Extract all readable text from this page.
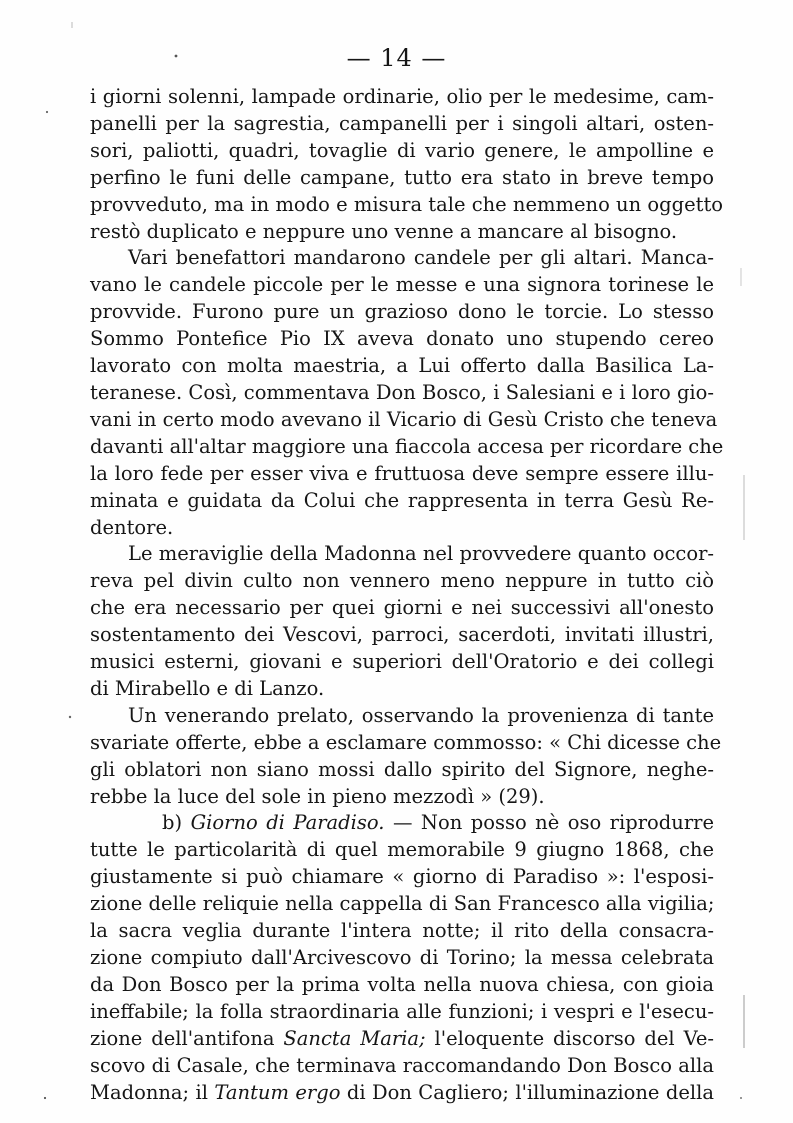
— 14 —
i giorni solenni, lampade ordinarie, olio per le medesime, cam-
panelli per la sagrestia, campanelli per i singoli altari, osten-
sori, paliotti, quadri, tovaglie di vario genere, le ampolline e
perfino le funi delle campane, tutto era stato in breve tempo
provveduto, ma in modo e misura tale che nemmeno un oggetto
restò duplicato e neppure uno venne a mancare al bisogno.
Vari benefattori mandarono candele per gli altari. Manca-
vano le candele piccole per le messe e una signora torinese le
provvide. Furono pure un grazioso dono le torcie. Lo stesso
Sommo Pontefice Pio IX aveva donato uno stupendo cereo
lavorato con molta maestria, a Lui offerto dalla Basilica La-
teranese. Così, commentava Don Bosco, i Salesiani e i loro gio-
vani in certo modo avevano il Vicario di Gesù Cristo che teneva
davanti all'altar maggiore una fiaccola accesa per ricordare che
la loro fede per esser viva e fruttuosa deve sempre essere illu-
minata e guidata da Colui che rappresenta in terra Gesù Re-
dentore.
Le meraviglie della Madonna nel provvedere quanto occor-
reva pel divin culto non vennero meno neppure in tutto ciò
che era necessario per quei giorni e nei successivi all'onesto
sostentamento dei Vescovi, parroci, sacerdoti, invitati illustri,
musici esterni, giovani e superiori dell'Oratorio e dei collegi
di Mirabello e di Lanzo.
Un venerando prelato, osservando la provenienza di tante
svariate offerte, ebbe a esclamare commosso: « Chi dicesse che
gli oblatori non siano mossi dallo spirito del Signore, neghe-
rebbe la luce del sole in pieno mezzodì » (29).
b) Giorno di Paradiso. — Non posso nè oso riprodurre
tutte le particolarità di quel memorabile 9 giugno 1868, che
giustamente si può chiamare « giorno di Paradiso »: l'esposi-
zione delle reliquie nella cappella di San Francesco alla vigilia;
la sacra veglia durante l'intera notte; il rito della consacra-
zione compiuto dall'Arcivescovo di Torino; la messa celebrata
da Don Bosco per la prima volta nella nuova chiesa, con gioia
ineffabile; la folla straordinaria alle funzioni; i vespri e l'esecu-
zione dell'antifona Sancta Maria; l'eloquente discorso del Ve-
scovo di Casale, che terminava raccomandando Don Bosco alla
Madonna; il Tantum ergo di Don Cagliero; l'illuminazione della
